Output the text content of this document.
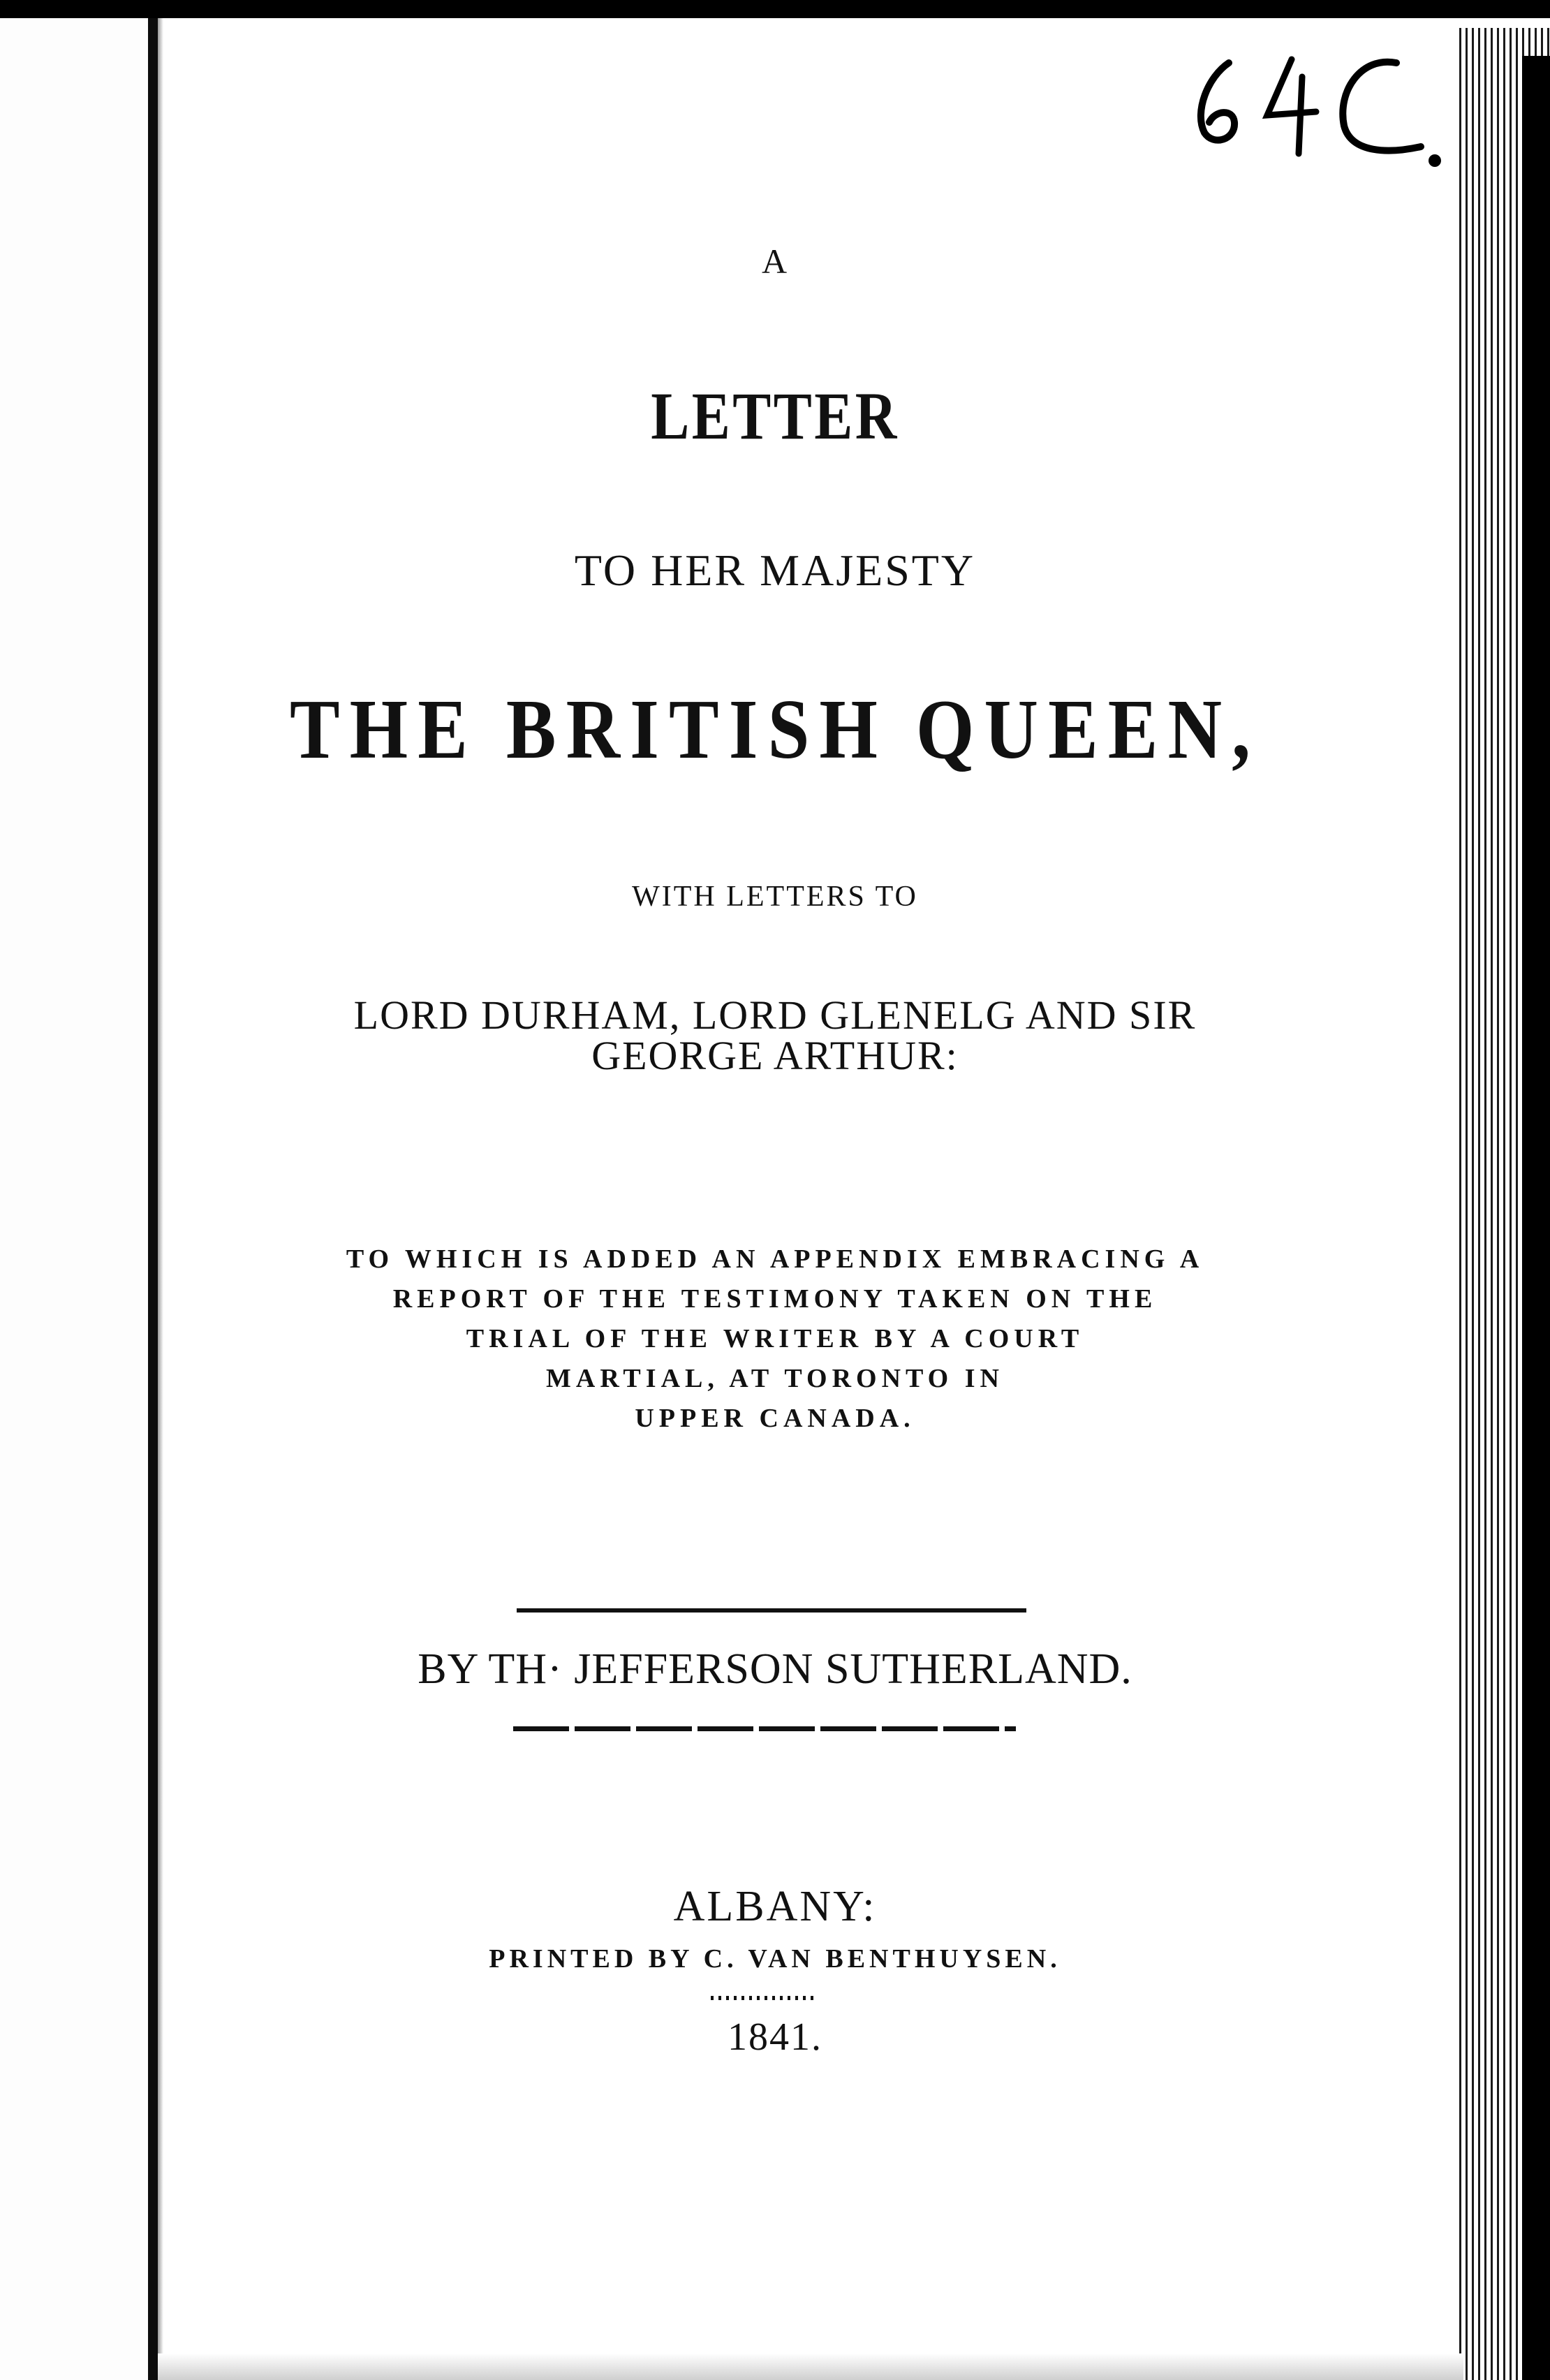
A
LETTER
TO HER MAJESTY
THE BRITISH QUEEN,
WITH LETTERS TO
LORD DURHAM, LORD GLENELG AND SIR
GEORGE ARTHUR:
TO WHICH IS ADDED AN APPENDIX EMBRACING A
REPORT OF THE TESTIMONY TAKEN ON THE
TRIAL OF THE WRITER BY A COURT
MARTIAL, AT TORONTO IN
UPPER CANADA.
BY TH· JEFFERSON SUTHERLAND.
ALBANY:
PRINTED BY C. VAN BENTHUYSEN.
1841.
